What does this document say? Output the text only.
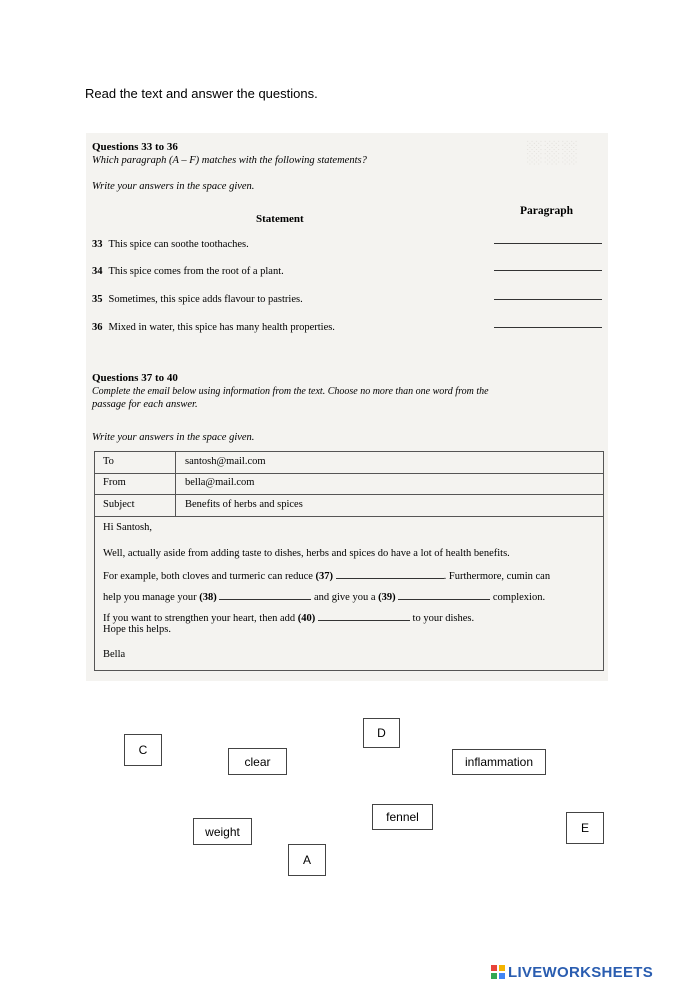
Read the text and answer the questions.
░░░
Questions 33 to 36
Which paragraph (A – F) matches with the following statements?
Write your answers in the space given.
Statement
Paragraph
33 This spice can soothe toothaches.
34 This spice comes from the root of a plant.
35 Sometimes, this spice adds flavour to pastries.
36 Mixed in water, this spice has many health properties.
Questions 37 to 40
Complete the email below using information from the text. Choose no more than one word from the
passage for each answer.
Write your answers in the space given.
To	santosh@mail.com
From	bella@mail.com
Subject	Benefits of herbs and spices
Hi Santosh,
Well, actually aside from adding taste to dishes, herbs and spices do have a lot of health benefits.
For example, both cloves and turmeric can reduce (37)	. Furthermore, cumin can
help you manage your (38)	and give you a (39)	complexion.
If you want to strengthen your heart, then add (40)	to your dishes.
Hope this helps.
Bella
D
C
clear	inflammation
fennel
weight	E
A
LIVEWORKSHEETS
